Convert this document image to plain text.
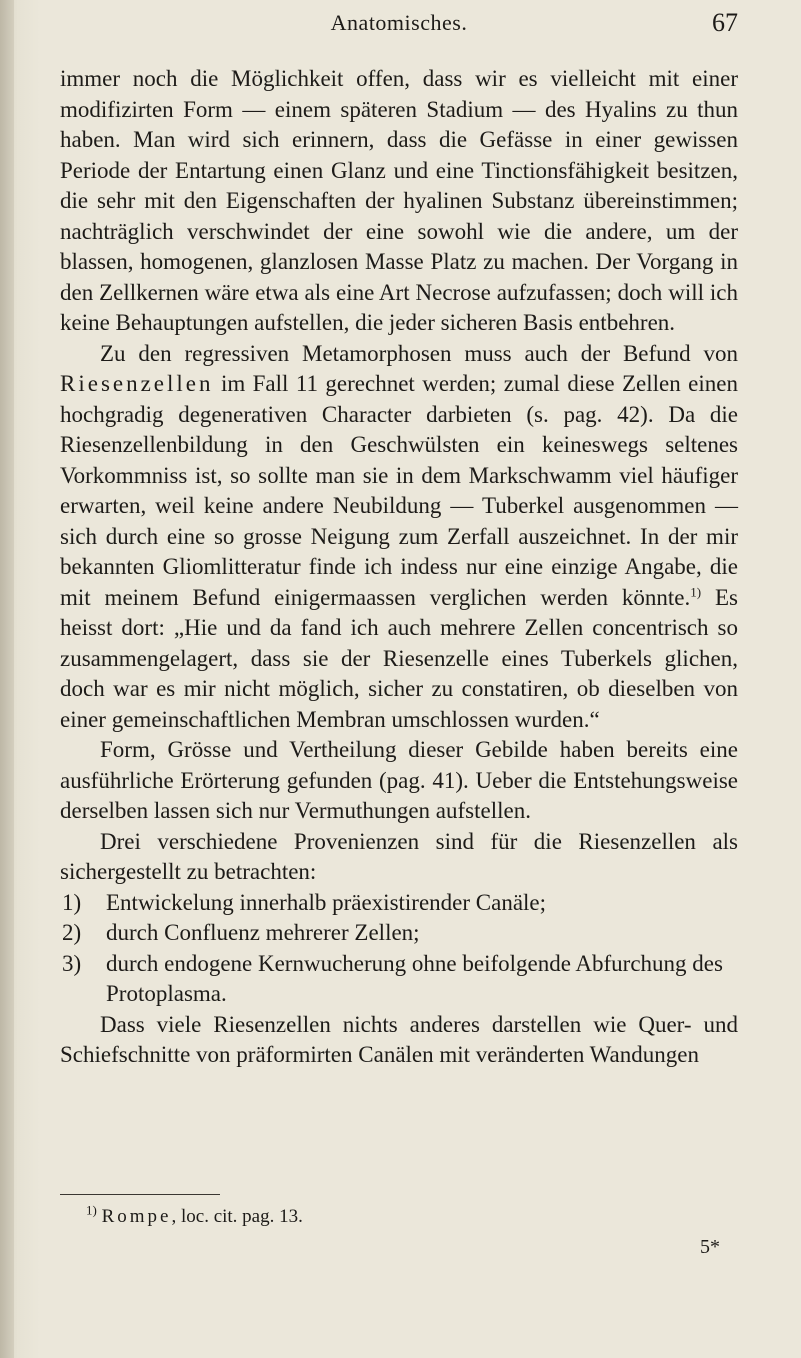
Anatomisches.	67

immer noch die Möglichkeit offen, dass wir es vielleicht mit einer modifizirten Form — einem späteren Stadium — des Hyalins zu thun haben. Man wird sich erinnern, dass die Gefässe in einer gewissen Periode der Entartung einen Glanz und eine Tinctionsfähigkeit besitzen, die sehr mit den Eigenschaften der hyalinen Substanz übereinstimmen; nachträglich verschwindet der eine sowohl wie die andere, um der blassen, homogenen, glanzlosen Masse Platz zu machen. Der Vorgang in den Zellkernen wäre etwa als eine Art Necrose aufzufassen; doch will ich keine Behauptungen aufstellen, die jeder sicheren Basis entbehren.

Zu den regressiven Metamorphosen muss auch der Befund von Riesenzellen im Fall 11 gerechnet werden; zumal diese Zellen einen hochgradig degenerativen Character darbieten (s. pag. 42). Da die Riesenzellenbildung in den Geschwülsten ein keineswegs seltenes Vorkommniss ist, so sollte man sie in dem Markschwamm viel häufiger erwarten, weil keine andere Neubildung — Tuberkel ausgenommen — sich durch eine so grosse Neigung zum Zerfall auszeichnet. In der mir bekannten Gliomlitteratur finde ich indess nur eine einzige Angabe, die mit meinem Befund einigermaassen verglichen werden könnte.$^{1)}$ Es heisst dort: „Hie und da fand ich auch mehrere Zellen concentrisch so zusammengelagert, dass sie der Riesenzelle eines Tuberkels glichen, doch war es mir nicht möglich, sicher zu constatiren, ob dieselben von einer gemeinschaftlichen Membran umschlossen wurden.“

Form, Grösse und Vertheilung dieser Gebilde haben bereits eine ausführliche Erörterung gefunden (pag. 41). Ueber die Entstehungsweise derselben lassen sich nur Vermuthungen aufstellen.

Drei verschiedene Provenienzen sind für die Riesenzellen als sichergestellt zu betrachten:

1)	Entwickelung innerhalb präexistirender Canäle;
2)	durch Confluenz mehrerer Zellen;
3)	durch endogene Kernwucherung ohne beifolgende Abfurchung des Protoplasma.

Dass viele Riesenzellen nichts anderes darstellen wie Quer- und Schiefschnitte von präformirten Canälen mit veränderten Wandungen

$^{1)}$ Rompe, loc. cit. pag. 13.
5*
